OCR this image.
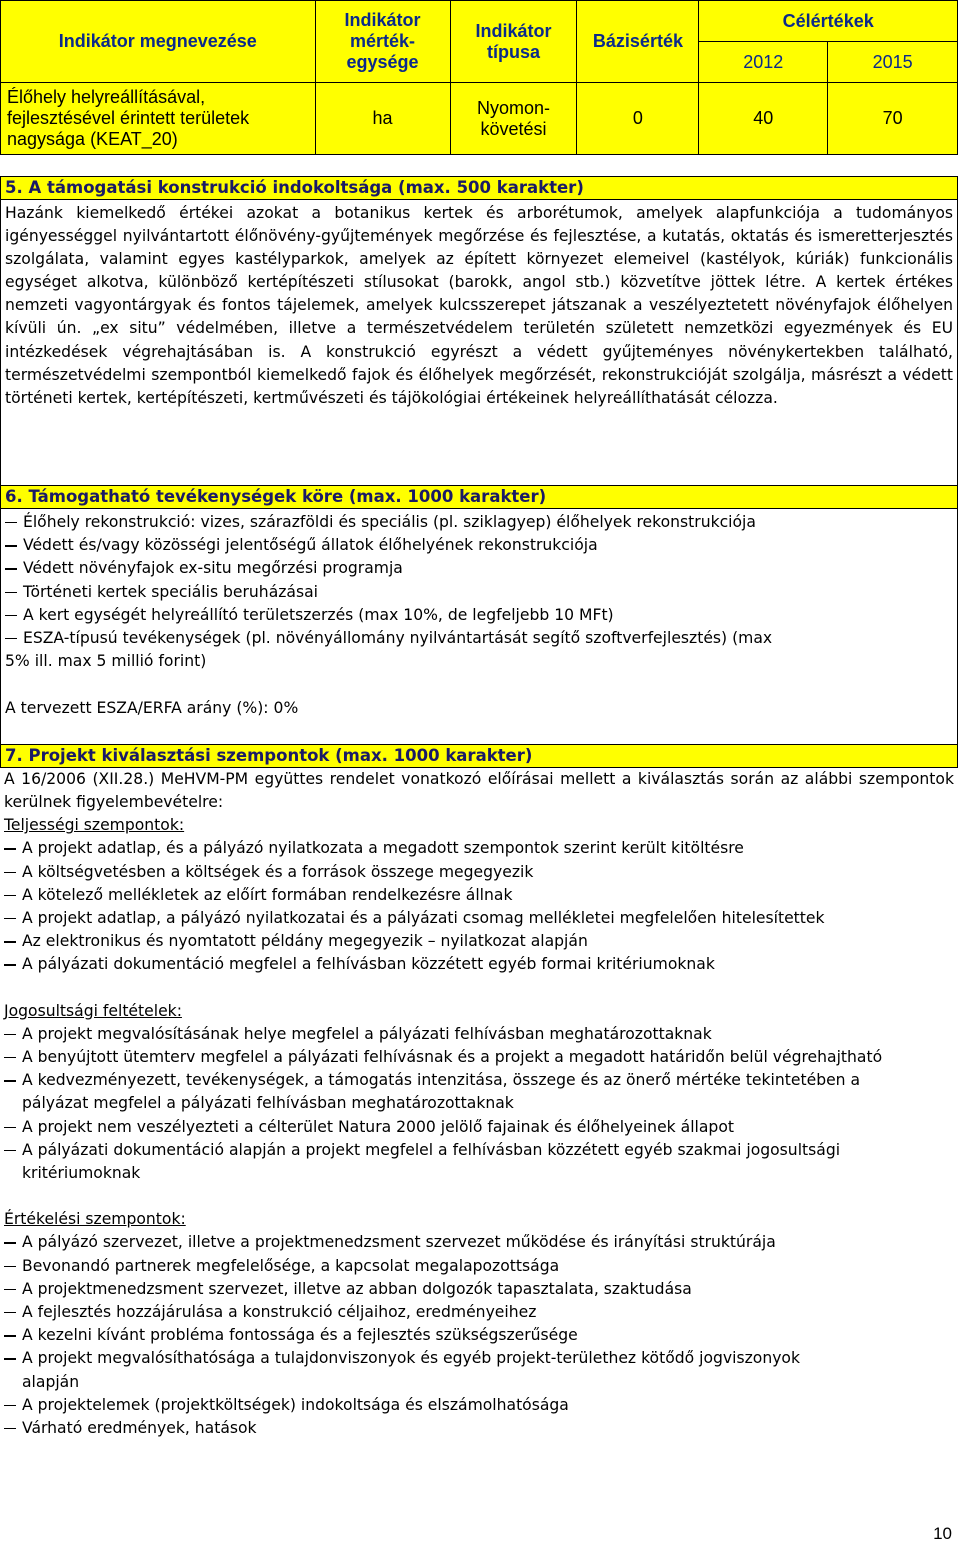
Indikátor megnevezése	Indikátor mérték-egysége	Indikátor típusa	Bázisérték	Célértékek	
				2012	2015
Élőhely helyreállításával, fejlesztésével érintett területek nagysága (KEAT_20)	ha	Nyomon-követési	0	40	70
5. A támogatási konstrukció indokoltsága (max. 500 karakter)

Hazánk kiemelkedő értékei azokat a botanikus kertek és arborétumok, amelyek alapfunkciója a tudományos igényességgel nyilvántartott élőnövény-gyűjtemények megőrzése és fejlesztése, a kutatás, oktatás és ismeretterjesztés szolgálata, valamint egyes kastélyparkok, amelyek az épített környezet elemeivel (kastélyok, kúriák) funkcionális egységet alkotva, különböző kertépítészeti stílusokat (barokk, angol stb.) közvetítve jöttek létre. A kertek értékes nemzeti vagyontárgyak és fontos tájelemek, amelyek kulcsszerepet játszanak a veszélyeztetett növényfajok élőhelyen kívüli ún. „ex situ” védelmében, illetve a természetvédelem területén született nemzetközi egyezmények és EU intézkedések végrehajtásában is. A konstrukció egyrészt a védett gyűjteményes növénykertekben található, természetvédelmi szempontból kiemelkedő fajok és élőhelyek megőrzését, rekonstrukcióját szolgálja, másrészt a védett történeti kertek, kertépítészeti, kertművészeti és tájökológiai értékeinek helyreállíthatását célozza.

6. Támogatható tevékenységek köre (max. 1000 karakter)
Élőhely rekonstrukció: vizes, szárazföldi és speciális (pl. sziklagyep) élőhelyek rekonstrukciója
Védett és/vagy közösségi jelentőségű állatok élőhelyének rekonstrukciója
Védett növényfajok ex-situ megőrzési programja
Történeti kertek speciális beruházásai
A kert egységét helyreállító területszerzés (max 10%, de legfeljebb 10 MFt)
ESZA-típusú tevékenységek (pl. növényállomány nyilvántartását segítő szoftverfejlesztés) (max
5% ill. max 5 millió forint)
A tervezett ESZA/ERFA arány (%): 0%
7. Projekt kiválasztási szempontok (max. 1000 karakter)

A 16/2006 (XII.28.) MeHVM-PM együttes rendelet vonatkozó előírásai mellett a kiválasztás során az alábbi szempontok kerülnek figyelembevételre:

Teljességi szempontok:
A projekt adatlap, és a pályázó nyilatkozata a megadott szempontok szerint került kitöltésre
A költségvetésben a költségek és a források összege megegyezik
A kötelező mellékletek az előírt formában rendelkezésre állnak
A projekt adatlap, a pályázó nyilatkozatai és a pályázati csomag mellékletei megfelelően hitelesítettek
Az elektronikus és nyomtatott példány megegyezik – nyilatkozat alapján
A pályázati dokumentáció megfelel a felhívásban közzétett egyéb formai kritériumoknak
Jogosultsági feltételek:
A projekt megvalósításának helye megfelel a pályázati felhívásban meghatározottaknak
A benyújtott ütemterv megfelel a pályázati felhívásnak és a projekt a megadott határidőn belül végrehajtható
A kedvezményezett, tevékenységek, a támogatás intenzitása, összege és az önerő mértéke tekintetében a pályázat megfelel a pályázati felhívásban meghatározottaknak
A projekt nem veszélyezteti a célterület Natura 2000 jelölő fajainak és élőhelyeinek állapot
A pályázati dokumentáció alapján a projekt megfelel a felhívásban közzétett egyéb szakmai jogosultsági kritériumoknak
Értékelési szempontok:
A pályázó szervezet, illetve a projektmenedzsment szervezet működése és irányítási struktúrája
Bevonandó partnerek megfelelősége, a kapcsolat megalapozottsága
A projektmenedzsment szervezet, illetve az abban dolgozók tapasztalata, szaktudása
A fejlesztés hozzájárulása a konstrukció céljaihoz, eredményeihez
A kezelni kívánt probléma fontossága és a fejlesztés szükségszerűsége
A projekt megvalósíthatósága a tulajdonviszonyok és egyéb projekt-területhez kötődő jogviszonyok alapján
A projektelemek (projektköltségek) indokoltsága és elszámolhatósága
Várható eredmények, hatások
10
